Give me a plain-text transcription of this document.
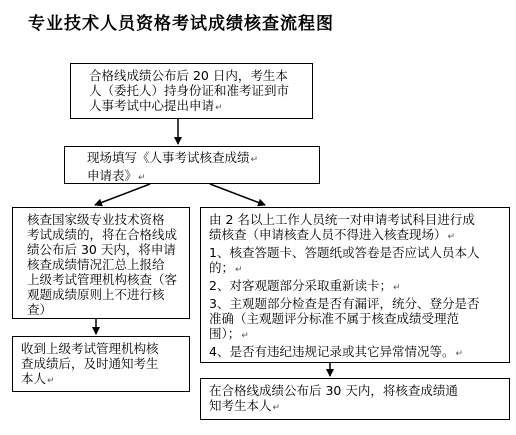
专业技术人员资格考试成绩核查流程图
合格线成绩公布后 20 日内，考生本
人（委托人）持身份证和准考证到市
人事考试中心提出申请↵
现场填写《人事考试核查成绩↵
申请表》↵
核查国家级专业技术资格
考试成绩的，将在合格线成
绩公布后 30 天内，将申请
核查成绩情况汇总上报给
上级考试管理机构核查（客
观题成绩原则上不进行核
查）
由 2 名以上工作人员统一对申请考试科目进行成
绩核查（申请核查人员不得进入核查现场）↵
1、核查答题卡、答题纸或答卷是否应试人员本人
的；↵
2、对客观题部分采取重新读卡；↵
3、主观题部分检查是否有漏评，统分、登分是否
准确（主观题评分标准不属于核查成绩受理范
围）；↵
4、是否有违纪违规记录或其它异常情况等。↵
收到上级考试管理机构核
查成绩后，及时通知考生
本人↵
在合格线成绩公布后 30 天内，将核查成绩通
知考生本人↵
